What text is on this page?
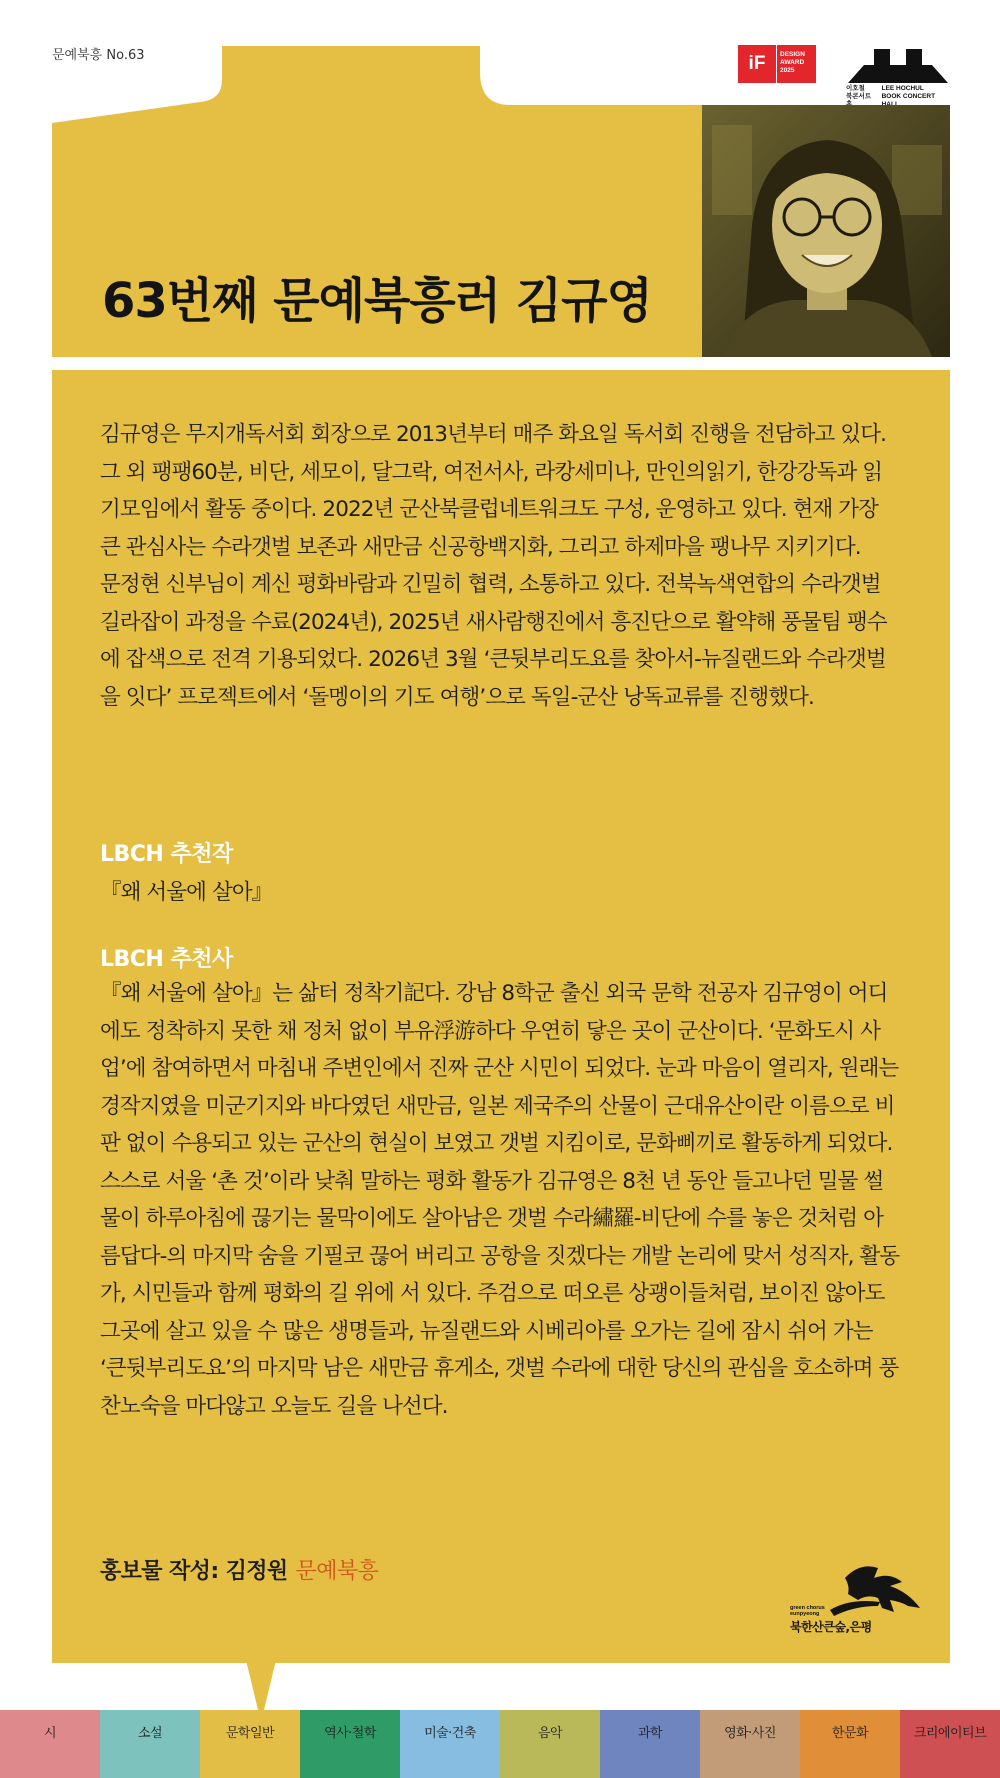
문예북흥 No.63	iF	DESIGN
AWARD
2025
이호철
북콘서트
LEE HOCHUL
BOOK CONCERT
63번째 문예북흥러 김규영

김규영은 무지개독서회 회장으로 2013년부터 매주 화요일 독서회 진행을 전담하고 있다. 그 외 팽팽60분, 비단, 세모이, 달그락, 여전서사, 라캉세미나, 만인의읽기, 한강강독과 읽기모임에서 활동 중이다. 2022년 군산북클럽네트워크도 구성, 운영하고 있다. 현재 가장 큰 관심사는 수라갯벌 보존과 새만금 신공항백지화, 그리고 하제마을 팽나무 지키기다.

문정현 신부님이 계신 평화바람과 긴밀히 협력, 소통하고 있다. 전북녹색연합의 수라갯벌 길라잡이 과정을 수료(2024년), 2025년 새사람행진에서 흥진단으로 활약해 풍물팀 팽수에 잡색으로 전격 기용되었다. 2026년 3월 ‘큰뒷부리도요를 찾아서-뉴질랜드와 수라갯벌을 잇다’ 프로젝트에서 ‘돌멩이의 기도 여행’으로 독일-군산 낭독교류를 진행했다.

LBCH 추천작
『왜 서울에 살아』
LBCH 추천사

『왜 서울에 살아』는 삶터 정착기記다. 강남 8학군 출신 외국 문학 전공자 김규영이 어디에도 정착하지 못한 채 정처 없이 부유浮游하다 우연히 닿은 곳이 군산이다. ‘문화도시 사업’에 참여하면서 마침내 주변인에서 진짜 군산 시민이 되었다. 눈과 마음이 열리자, 원래는 경작지였을 미군기지와 바다였던 새만금, 일본 제국주의 산물이 근대유산이란 이름으로 비판 없이 수용되고 있는 군산의 현실이 보였고 갯벌 지킴이로, 문화삐끼로 활동하게 되었다.

스스로 서울 ‘촌 것’이라 낮춰 말하는 평화 활동가 김규영은 8천 년 동안 들고나던 밀물 썰물이 하루아침에 끊기는 물막이에도 살아남은 갯벌 수라繡羅-비단에 수를 놓은 것처럼 아름답다-의 마지막 숨을 기필코 끊어 버리고 공항을 짓겠다는 개발 논리에 맞서 성직자, 활동가, 시민들과 함께 평화의 길 위에 서 있다. 주검으로 떠오른 상괭이들처럼, 보이진 않아도 그곳에 살고 있을 수 많은 생명들과, 뉴질랜드와 시베리아를 오가는 길에 잠시 쉬어 가는 ‘큰뒷부리도요’의 마지막 남은 새만금 휴게소, 갯벌 수라에 대한 당신의 관심을 호소하며 풍찬노숙을 마다않고 오늘도 길을 나선다.

홍보물 작성: 김정원 문예북흥
green chorus
eunpyeong
북한산큰숲,은평
시	소설	문학일반	역사·철학	미술·건축	음악	과학	영화·사진	한문화	크리에이티브
